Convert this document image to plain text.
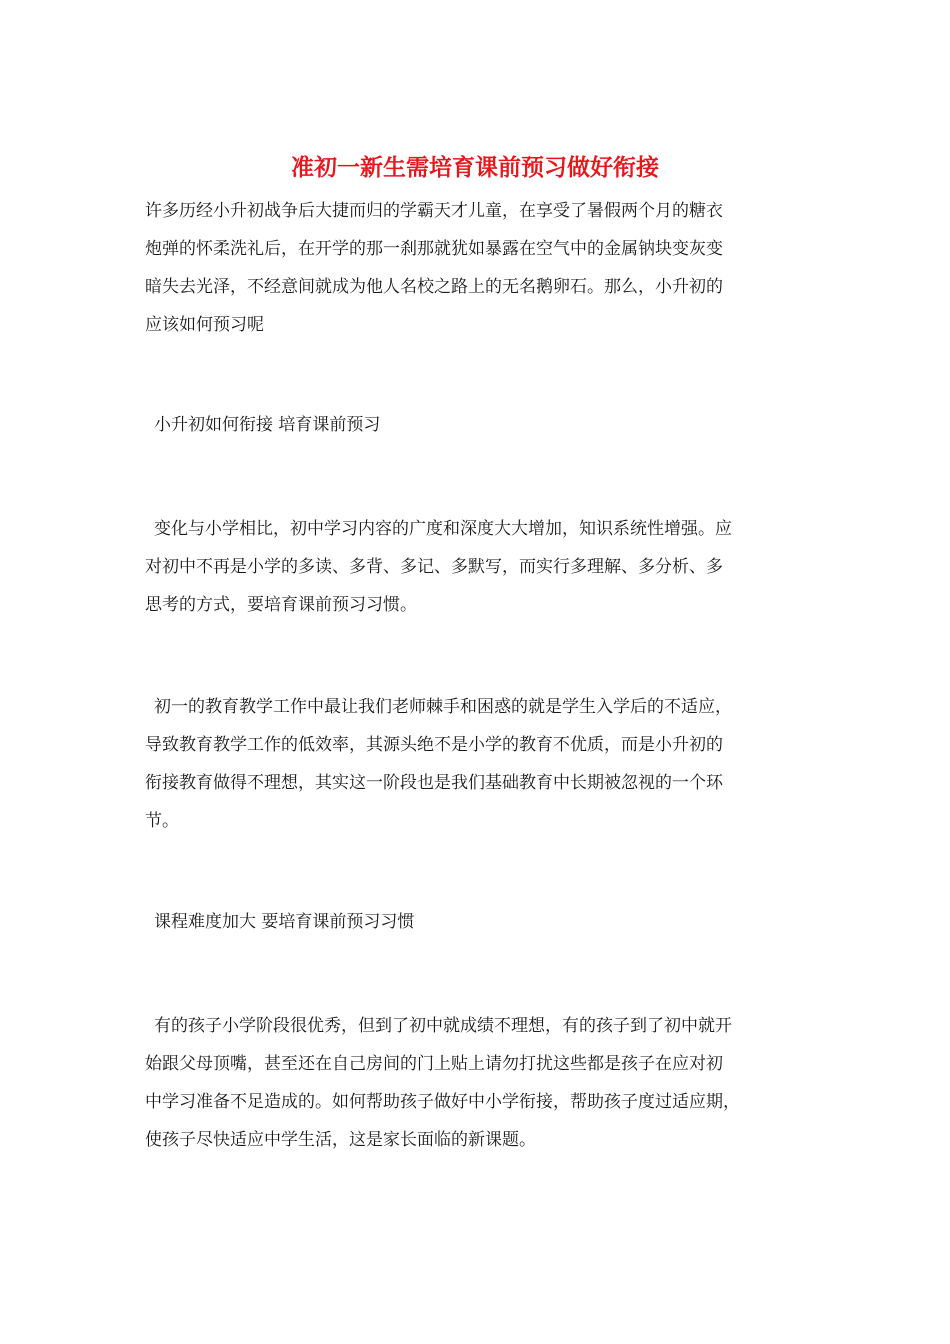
准初一新生需培育课前预习做好衔接
许多历经小升初战争后大捷而归的学霸天才儿童，在享受了暑假两个月的糖衣
炮弹的怀柔洗礼后，在开学的那一刹那就犹如暴露在空气中的金属钠块变灰变
暗失去光泽，不经意间就成为他人名校之路上的无名鹅卵石。那么，小升初的
应该如何预习呢
小升初如何衔接 培育课前预习
变化与小学相比，初中学习内容的广度和深度大大增加，知识系统性增强。应
对初中不再是小学的多读、多背、多记、多默写，而实行多理解、多分析、多
思考的方式，要培育课前预习习惯。
初一的教育教学工作中最让我们老师棘手和困惑的就是学生入学后的不适应，
导致教育教学工作的低效率，其源头绝不是小学的教育不优质，而是小升初的
衔接教育做得不理想，其实这一阶段也是我们基础教育中长期被忽视的一个环
节。
课程难度加大 要培育课前预习习惯
有的孩子小学阶段很优秀，但到了初中就成绩不理想，有的孩子到了初中就开
始跟父母顶嘴，甚至还在自己房间的门上贴上请勿打扰这些都是孩子在应对初
中学习准备不足造成的。如何帮助孩子做好中小学衔接，帮助孩子度过适应期，
使孩子尽快适应中学生活，这是家长面临的新课题。
